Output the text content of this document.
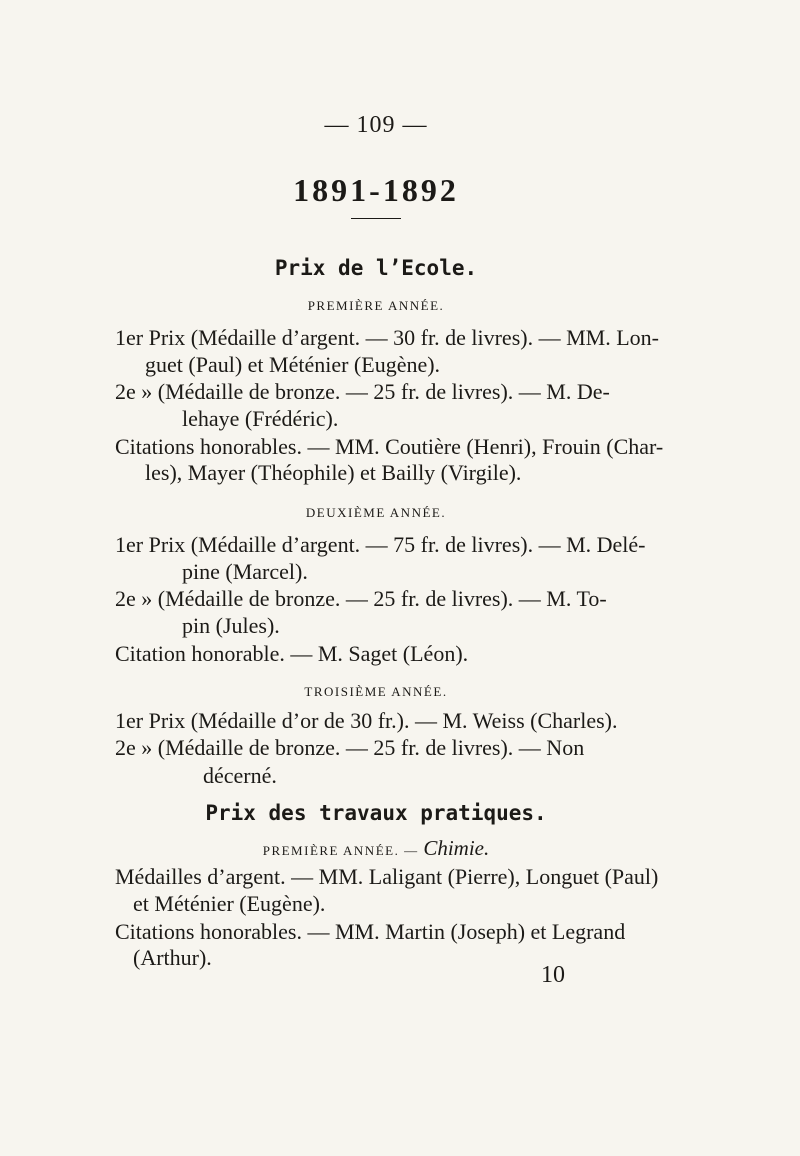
— 109 —
1891-1892
Prix de l’Ecole.
PREMIÈRE ANNÉE.
1er Prix (Médaille d’argent. — 30 fr. de livres). — MM. Lon-
guet (Paul) et Méténier (Eugène).
2e » (Médaille de bronze. — 25 fr. de livres). — M. De-
lehaye (Frédéric).
Citations honorables. — MM. Coutière (Henri), Frouin (Char-
les), Mayer (Théophile) et Bailly (Virgile).
DEUXIÈME ANNÉE.
1er Prix (Médaille d’argent. — 75 fr. de livres). — M. Delé-
pine (Marcel).
2e » (Médaille de bronze. — 25 fr. de livres). — M. To-
pin (Jules).
Citation honorable. — M. Saget (Léon).
TROISIÈME ANNÉE.
1er Prix (Médaille d’or de 30 fr.). — M. Weiss (Charles).
2e » (Médaille de bronze. — 25 fr. de livres). — Non
décerné.
Prix des travaux pratiques.
PREMIÈRE ANNÉE. — Chimie.
Médailles d’argent. — MM. Laligant (Pierre), Longuet (Paul)
et Méténier (Eugène).
Citations honorables. — MM. Martin (Joseph) et Legrand
(Arthur).
10
